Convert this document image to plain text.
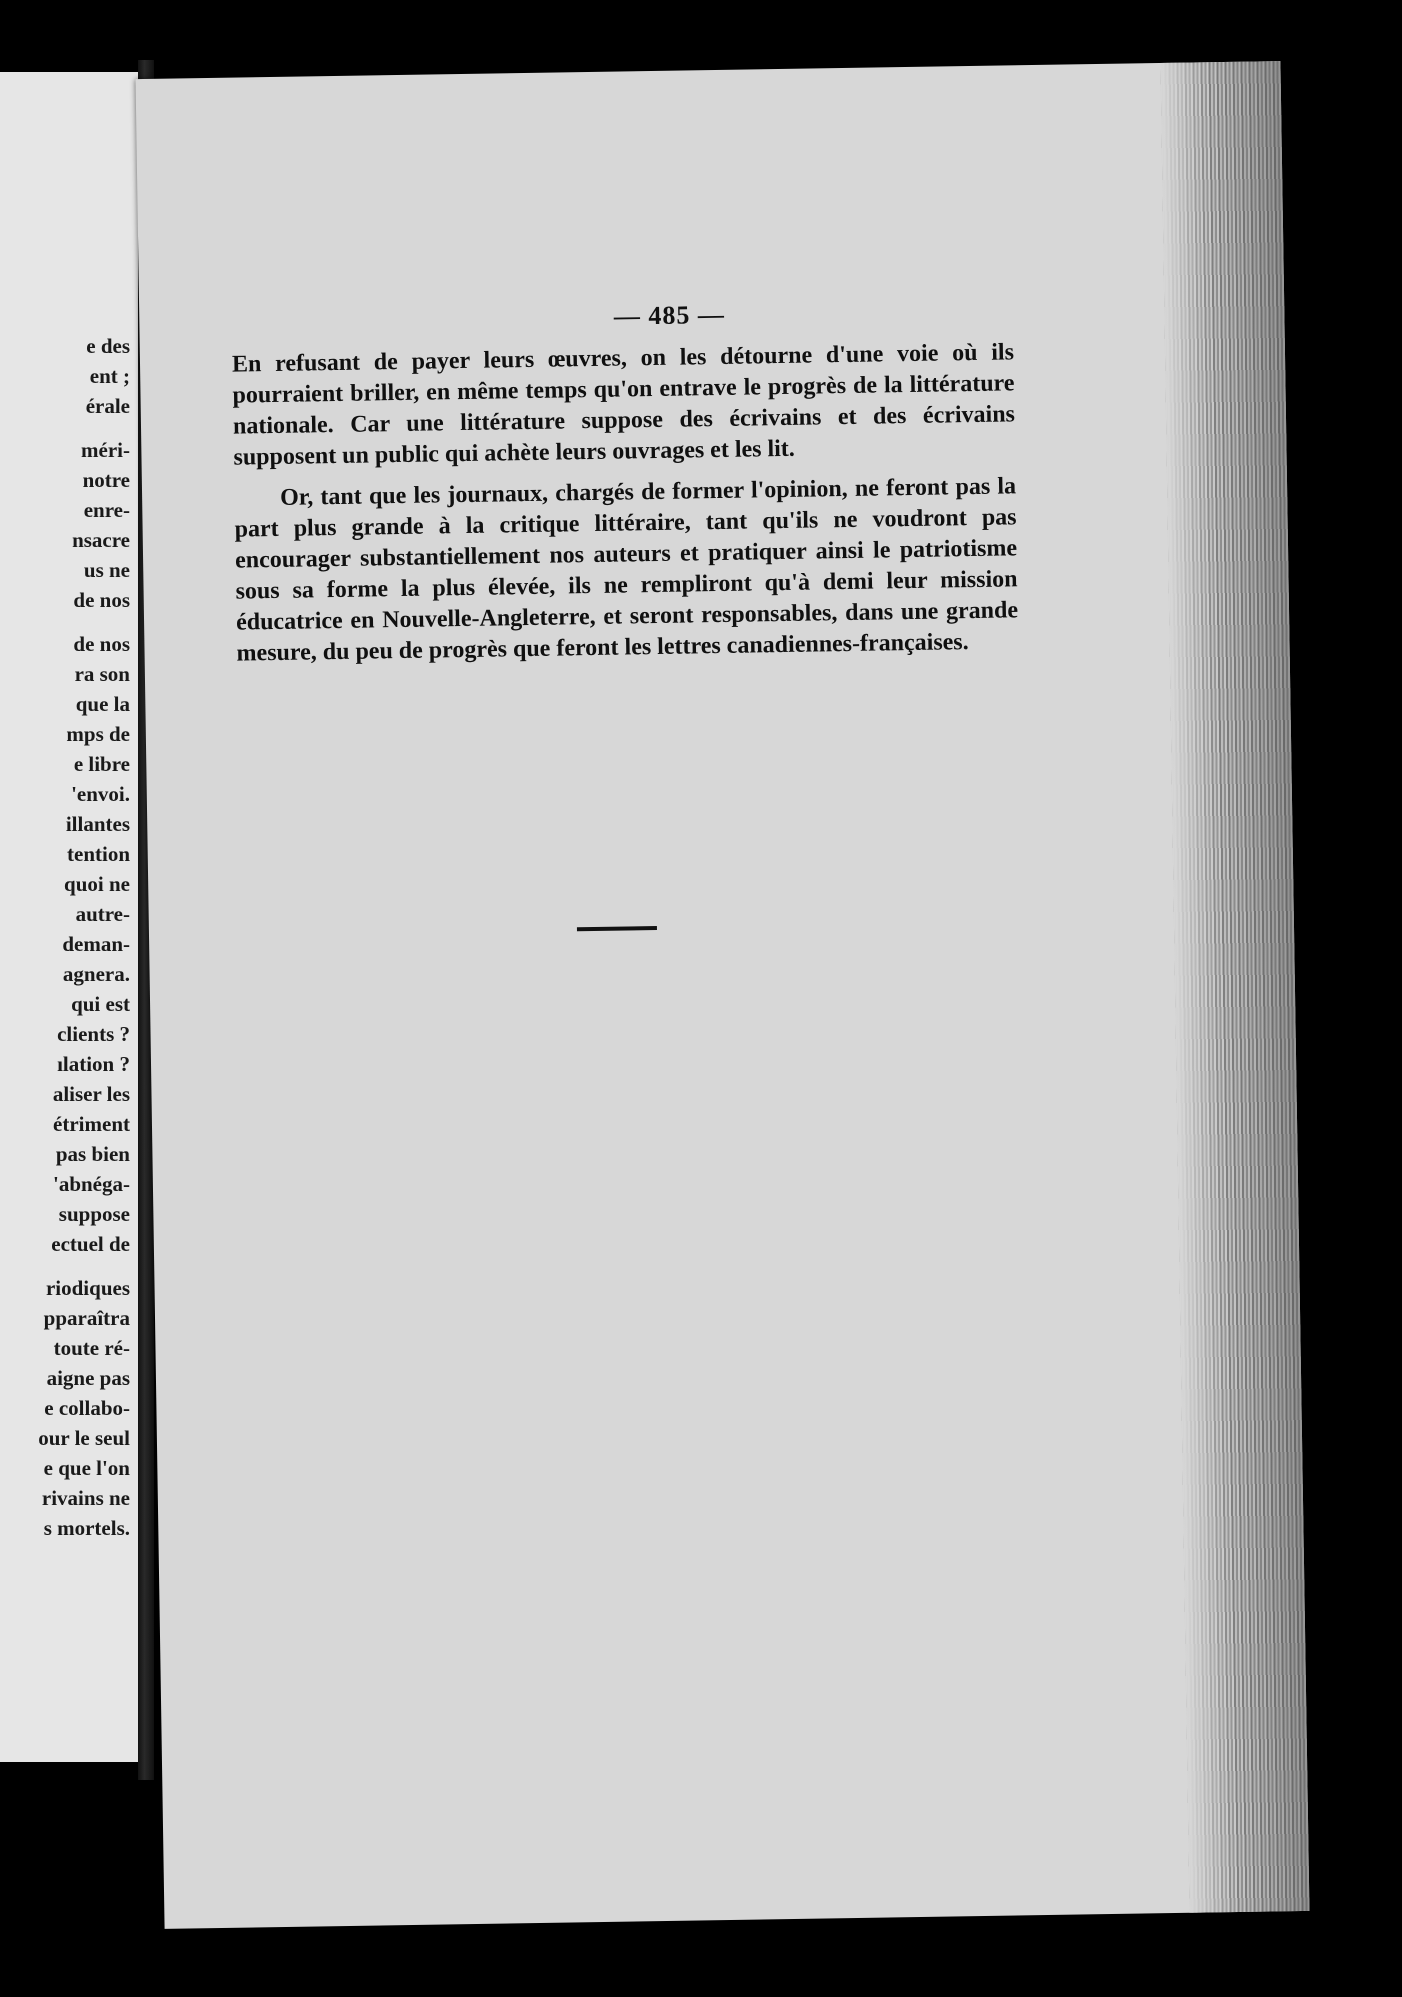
e des
ent ;
érale
méri-
notre
enre-
nsacre
us ne
de nos
de nos
ra son
que la
mps de
e libre
'envoi.
illantes
tention
quoi ne
autre-
deman-
agnera.
qui est
clients ?
ılation ?
aliser les
étriment
pas bien
'abnéga-
suppose
ectuel de
riodiques
pparaîtra
toute ré-
aigne pas
e collabo-
our le seul
e que l'on
rivains ne
s mortels.
— 485 —

En refusant de payer leurs œuvres, on les détourne d'une voie où ils pourraient briller, en même temps qu'on entrave le progrès de la littérature nationale. Car une littérature suppose des écrivains et des écrivains supposent un public qui achète leurs ouvrages et les lit.

Or, tant que les journaux, chargés de former l'opinion, ne feront pas la part plus grande à la critique littéraire, tant qu'ils ne voudront pas encourager substantiellement nos auteurs et pratiquer ainsi le patriotisme sous sa forme la plus élevée, ils ne rempliront qu'à demi leur mission éducatrice en Nouvelle-Angleterre, et seront responsables, dans une grande mesure, du peu de progrès que feront les lettres canadiennes-françaises.
